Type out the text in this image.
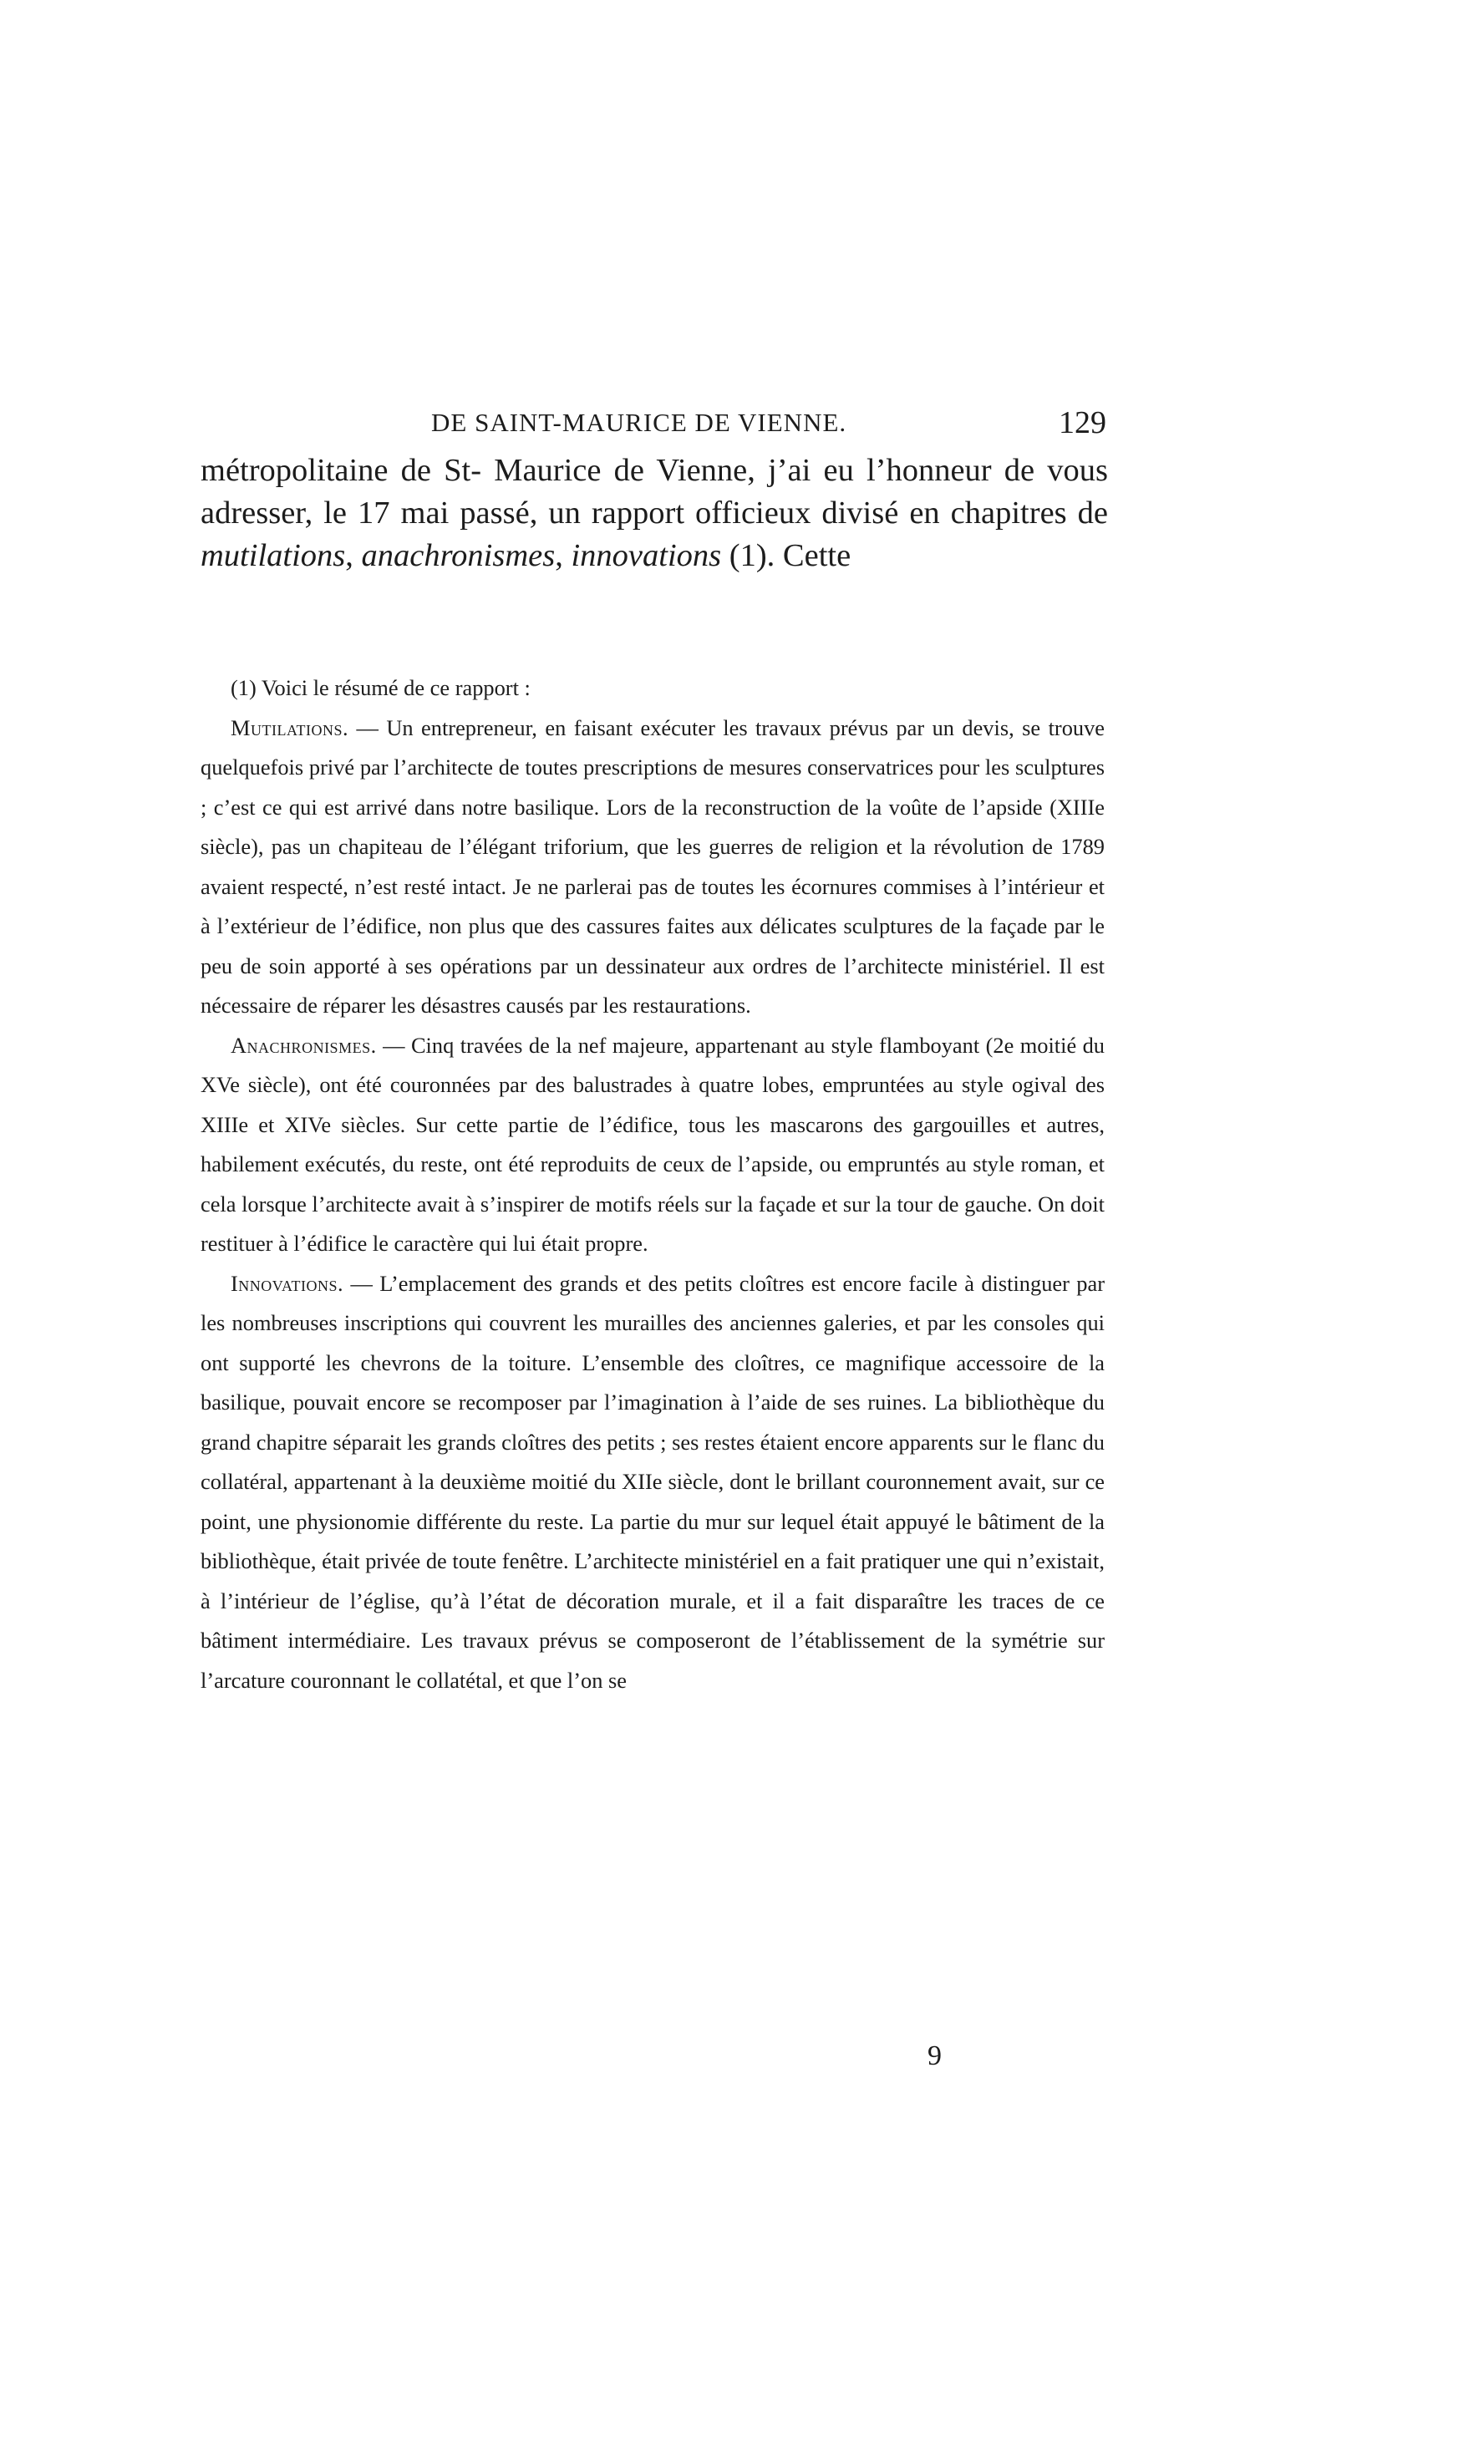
DE SAINT-MAURICE DE VIENNE.	129

métropolitaine de St- Maurice de Vienne, j’ai eu l’honneur de vous adresser, le 17 mai passé, un rapport officieux divisé en chapitres de mutilations, anachronismes, innovations (1). Cette

(1) Voici le résumé de ce rapport :

Mutilations. — Un entrepreneur, en faisant exécuter les travaux prévus par un devis, se trouve quelquefois privé par l’architecte de toutes prescriptions de mesures conservatrices pour les sculptures ; c’est ce qui est arrivé dans notre basilique. Lors de la reconstruction de la voûte de l’apside (XIIIe siècle), pas un chapiteau de l’élégant triforium, que les guerres de religion et la révolution de 1789 avaient respecté, n’est resté intact. Je ne parlerai pas de toutes les écornures commises à l’intérieur et à l’extérieur de l’édifice, non plus que des cassures faites aux délicates sculptures de la façade par le peu de soin apporté à ses opérations par un dessinateur aux ordres de l’architecte ministériel. Il est nécessaire de réparer les désastres causés par les restaurations.

Anachronismes. — Cinq travées de la nef majeure, appartenant au style flamboyant (2e moitié du XVe siècle), ont été couronnées par des balustrades à quatre lobes, empruntées au style ogival des XIIIe et XIVe siècles. Sur cette partie de l’édifice, tous les mascarons des gargouilles et autres, habilement exécutés, du reste, ont été reproduits de ceux de l’apside, ou empruntés au style roman, et cela lorsque l’architecte avait à s’inspirer de motifs réels sur la façade et sur la tour de gauche. On doit restituer à l’édifice le caractère qui lui était propre.

Innovations. — L’emplacement des grands et des petits cloîtres est encore facile à distinguer par les nombreuses inscriptions qui couvrent les murailles des anciennes galeries, et par les consoles qui ont supporté les chevrons de la toiture. L’ensemble des cloîtres, ce magnifique accessoire de la basilique, pouvait encore se recomposer par l’imagination à l’aide de ses ruines. La bibliothèque du grand chapitre séparait les grands cloîtres des petits ; ses restes étaient encore apparents sur le flanc du collatéral, appartenant à la deuxième moitié du XIIe siècle, dont le brillant couronnement avait, sur ce point, une physionomie différente du reste. La partie du mur sur lequel était appuyé le bâtiment de la bibliothèque, était privée de toute fenêtre. L’architecte ministériel en a fait pratiquer une qui n’existait, à l’intérieur de l’église, qu’à l’état de décoration murale, et il a fait disparaître les traces de ce bâtiment intermédiaire. Les travaux prévus se composeront de l’établissement de la symétrie sur l’arcature couronnant le collatétal, et que l’on se

9
